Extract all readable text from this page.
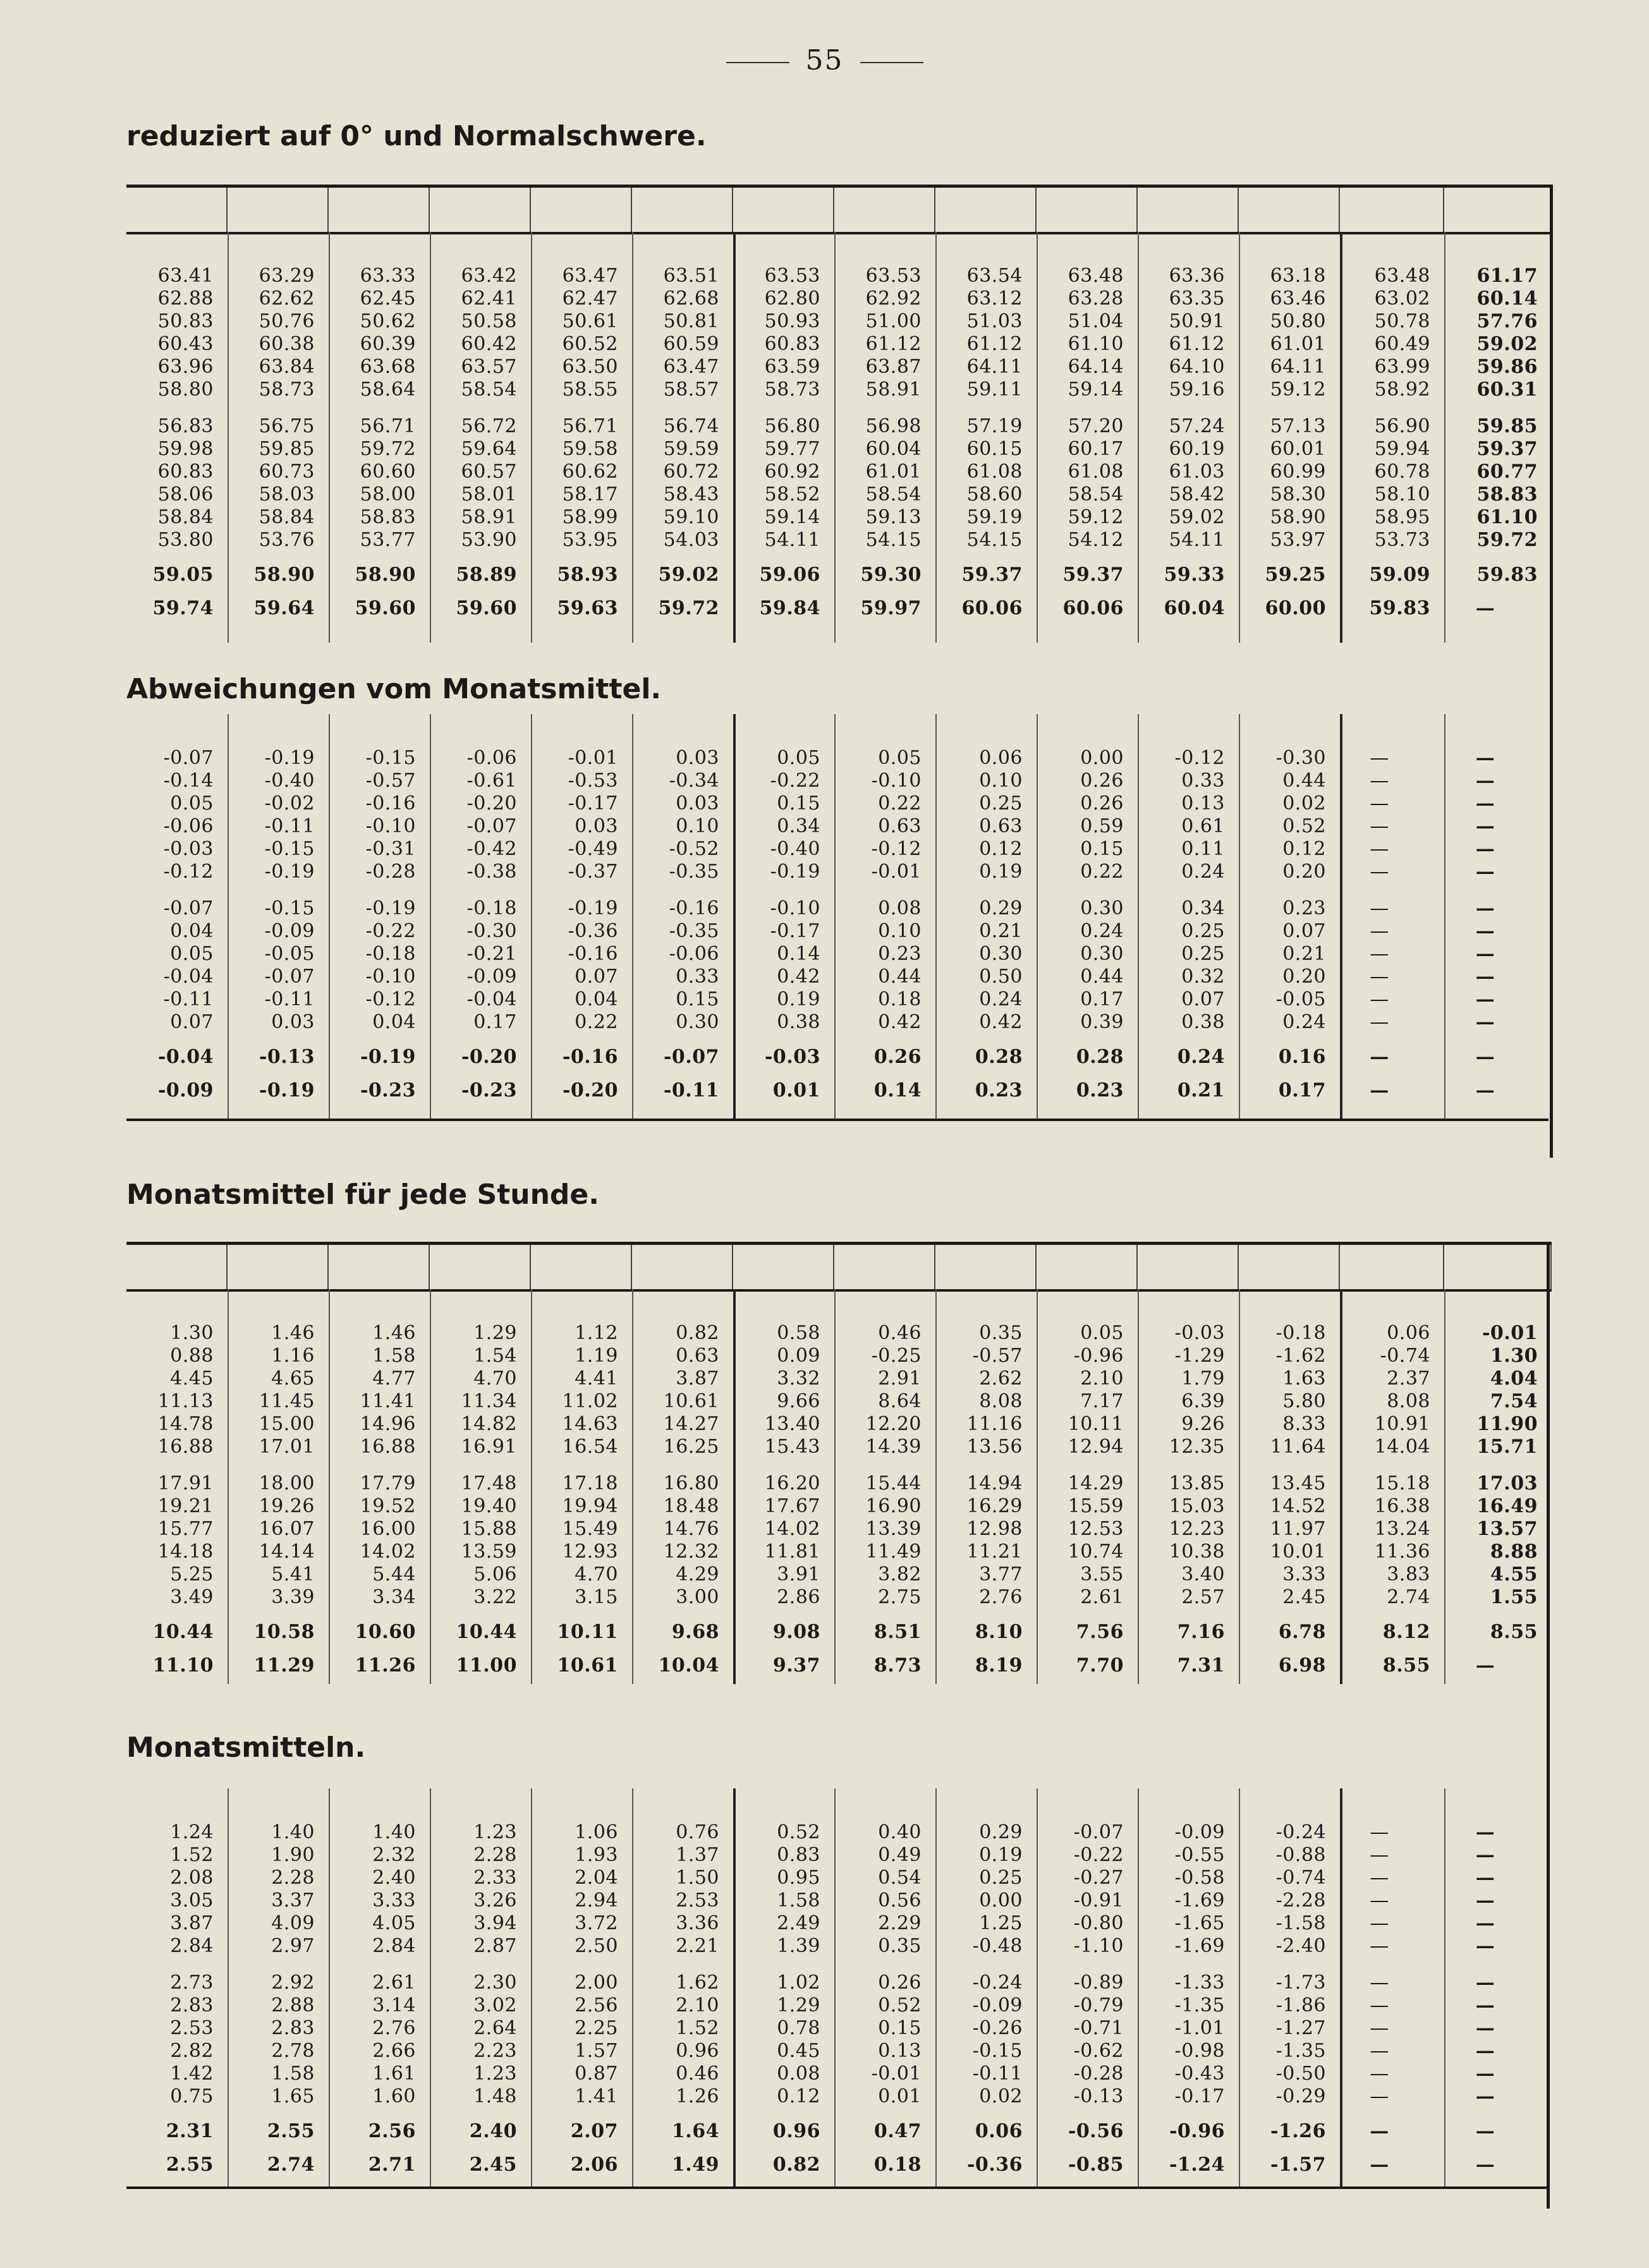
55
reduziert auf 0° und Normalschwere.
63.41	63.29	63.33	63.42	63.47	63.51	63.53	63.53	63.54	63.48	63.36	63.18	63.48	61.17
62.88	62.62	62.45	62.41	62.47	62.68	62.80	62.92	63.12	63.28	63.35	63.46	63.02	60.14
50.83	50.76	50.62	50.58	50.61	50.81	50.93	51.00	51.03	51.04	50.91	50.80	50.78	57.76
60.43	60.38	60.39	60.42	60.52	60.59	60.83	61.12	61.12	61.10	61.12	61.01	60.49	59.02
63.96	63.84	63.68	63.57	63.50	63.47	63.59	63.87	64.11	64.14	64.10	64.11	63.99	59.86
58.80	58.73	58.64	58.54	58.55	58.57	58.73	58.91	59.11	59.14	59.16	59.12	58.92	60.31
56.83	56.75	56.71	56.72	56.71	56.74	56.80	56.98	57.19	57.20	57.24	57.13	56.90	59.85
59.98	59.85	59.72	59.64	59.58	59.59	59.77	60.04	60.15	60.17	60.19	60.01	59.94	59.37
60.83	60.73	60.60	60.57	60.62	60.72	60.92	61.01	61.08	61.08	61.03	60.99	60.78	60.77
58.06	58.03	58.00	58.01	58.17	58.43	58.52	58.54	58.60	58.54	58.42	58.30	58.10	58.83
58.84	58.84	58.83	58.91	58.99	59.10	59.14	59.13	59.19	59.12	59.02	58.90	58.95	61.10
53.80	53.76	53.77	53.90	53.95	54.03	54.11	54.15	54.15	54.12	54.11	53.97	53.73	59.72
59.05	58.90	58.90	58.89	58.93	59.02	59.06	59.30	59.37	59.37	59.33	59.25	59.09	59.83
59.74	59.64	59.60	59.60	59.63	59.72	59.84	59.97	60.06	60.06	60.04	60.00	59.83	—
Abweichungen vom Monatsmittel.
-0.07	-0.19	-0.15	-0.06	-0.01	0.03	0.05	0.05	0.06	0.00	-0.12	-0.30	—	—
-0.14	-0.40	-0.57	-0.61	-0.53	-0.34	-0.22	-0.10	0.10	0.26	0.33	0.44	—	—
0.05	-0.02	-0.16	-0.20	-0.17	0.03	0.15	0.22	0.25	0.26	0.13	0.02	—	—
-0.06	-0.11	-0.10	-0.07	0.03	0.10	0.34	0.63	0.63	0.59	0.61	0.52	—	—
-0.03	-0.15	-0.31	-0.42	-0.49	-0.52	-0.40	-0.12	0.12	0.15	0.11	0.12	—	—
-0.12	-0.19	-0.28	-0.38	-0.37	-0.35	-0.19	-0.01	0.19	0.22	0.24	0.20	—	—
-0.07	-0.15	-0.19	-0.18	-0.19	-0.16	-0.10	0.08	0.29	0.30	0.34	0.23	—	—
0.04	-0.09	-0.22	-0.30	-0.36	-0.35	-0.17	0.10	0.21	0.24	0.25	0.07	—	—
0.05	-0.05	-0.18	-0.21	-0.16	-0.06	0.14	0.23	0.30	0.30	0.25	0.21	—	—
-0.04	-0.07	-0.10	-0.09	0.07	0.33	0.42	0.44	0.50	0.44	0.32	0.20	—	—
-0.11	-0.11	-0.12	-0.04	0.04	0.15	0.19	0.18	0.24	0.17	0.07	-0.05	—	—
0.07	0.03	0.04	0.17	0.22	0.30	0.38	0.42	0.42	0.39	0.38	0.24	—	—
-0.04	-0.13	-0.19	-0.20	-0.16	-0.07	-0.03	0.26	0.28	0.28	0.24	0.16	—	—
-0.09	-0.19	-0.23	-0.23	-0.20	-0.11	0.01	0.14	0.23	0.23	0.21	0.17	—	—
Monatsmittel für jede Stunde.
1.30	1.46	1.46	1.29	1.12	0.82	0.58	0.46	0.35	0.05	-0.03	-0.18	0.06	-0.01
0.88	1.16	1.58	1.54	1.19	0.63	0.09	-0.25	-0.57	-0.96	-1.29	-1.62	-0.74	1.30
4.45	4.65	4.77	4.70	4.41	3.87	3.32	2.91	2.62	2.10	1.79	1.63	2.37	4.04
11.13	11.45	11.41	11.34	11.02	10.61	9.66	8.64	8.08	7.17	6.39	5.80	8.08	7.54
14.78	15.00	14.96	14.82	14.63	14.27	13.40	12.20	11.16	10.11	9.26	8.33	10.91	11.90
16.88	17.01	16.88	16.91	16.54	16.25	15.43	14.39	13.56	12.94	12.35	11.64	14.04	15.71
17.91	18.00	17.79	17.48	17.18	16.80	16.20	15.44	14.94	14.29	13.85	13.45	15.18	17.03
19.21	19.26	19.52	19.40	19.94	18.48	17.67	16.90	16.29	15.59	15.03	14.52	16.38	16.49
15.77	16.07	16.00	15.88	15.49	14.76	14.02	13.39	12.98	12.53	12.23	11.97	13.24	13.57
14.18	14.14	14.02	13.59	12.93	12.32	11.81	11.49	11.21	10.74	10.38	10.01	11.36	8.88
5.25	5.41	5.44	5.06	4.70	4.29	3.91	3.82	3.77	3.55	3.40	3.33	3.83	4.55
3.49	3.39	3.34	3.22	3.15	3.00	2.86	2.75	2.76	2.61	2.57	2.45	2.74	1.55
10.44	10.58	10.60	10.44	10.11	9.68	9.08	8.51	8.10	7.56	7.16	6.78	8.12	8.55
11.10	11.29	11.26	11.00	10.61	10.04	9.37	8.73	8.19	7.70	7.31	6.98	8.55	—
Monatsmitteln.
1.24	1.40	1.40	1.23	1.06	0.76	0.52	0.40	0.29	-0.07	-0.09	-0.24	—	—
1.52	1.90	2.32	2.28	1.93	1.37	0.83	0.49	0.19	-0.22	-0.55	-0.88	—	—
2.08	2.28	2.40	2.33	2.04	1.50	0.95	0.54	0.25	-0.27	-0.58	-0.74	—	—
3.05	3.37	3.33	3.26	2.94	2.53	1.58	0.56	0.00	-0.91	-1.69	-2.28	—	—
3.87	4.09	4.05	3.94	3.72	3.36	2.49	2.29	1.25	-0.80	-1.65	-1.58	—	—
2.84	2.97	2.84	2.87	2.50	2.21	1.39	0.35	-0.48	-1.10	-1.69	-2.40	—	—
2.73	2.92	2.61	2.30	2.00	1.62	1.02	0.26	-0.24	-0.89	-1.33	-1.73	—	—
2.83	2.88	3.14	3.02	2.56	2.10	1.29	0.52	-0.09	-0.79	-1.35	-1.86	—	—
2.53	2.83	2.76	2.64	2.25	1.52	0.78	0.15	-0.26	-0.71	-1.01	-1.27	—	—
2.82	2.78	2.66	2.23	1.57	0.96	0.45	0.13	-0.15	-0.62	-0.98	-1.35	—	—
1.42	1.58	1.61	1.23	0.87	0.46	0.08	-0.01	-0.11	-0.28	-0.43	-0.50	—	—
0.75	1.65	1.60	1.48	1.41	1.26	0.12	0.01	0.02	-0.13	-0.17	-0.29	—	—
2.31	2.55	2.56	2.40	2.07	1.64	0.96	0.47	0.06	-0.56	-0.96	-1.26	—	—
2.55	2.74	2.71	2.45	2.06	1.49	0.82	0.18	-0.36	-0.85	-1.24	-1.57	—	—
